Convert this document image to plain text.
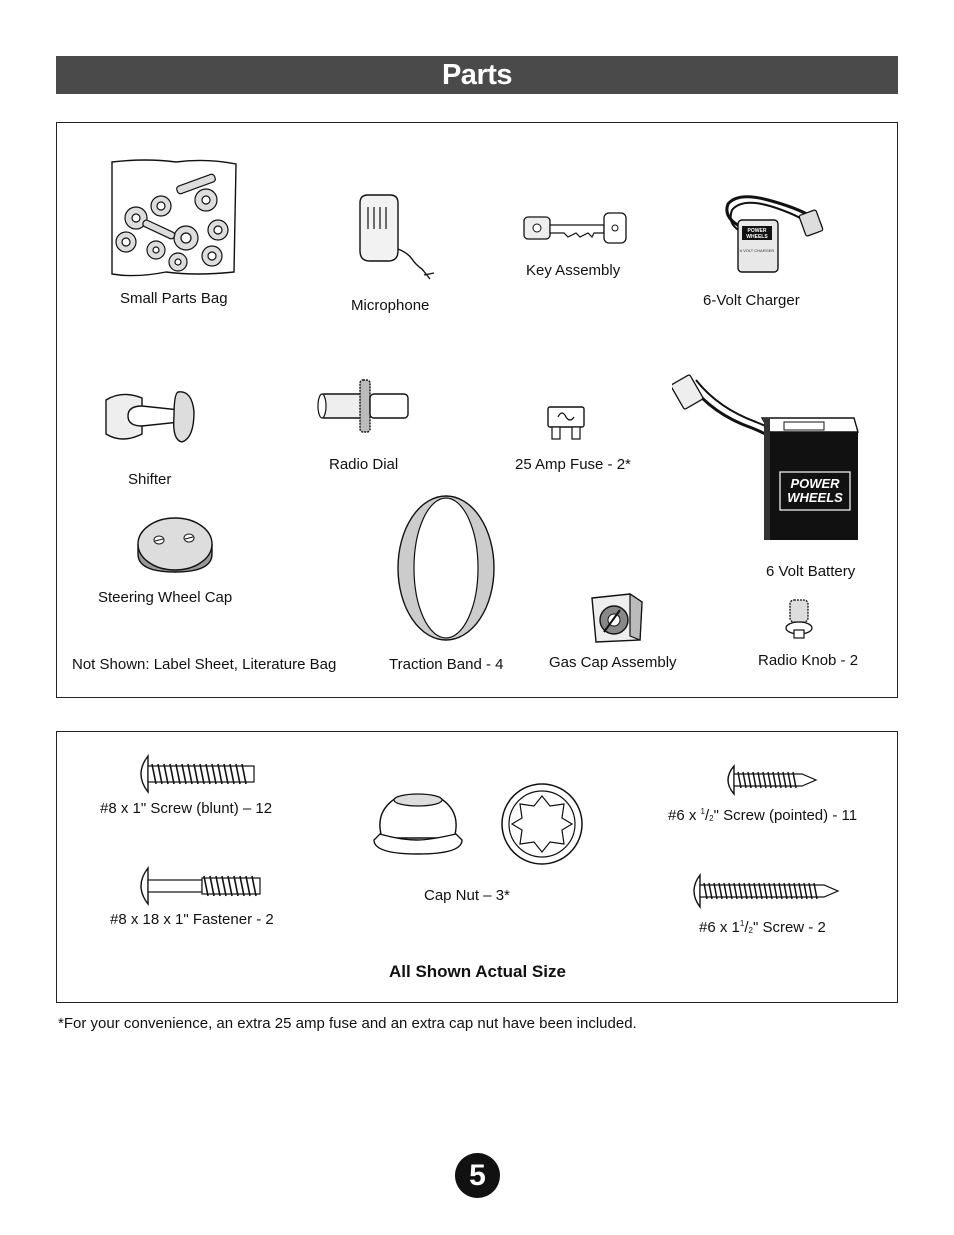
Parts
Small Parts Bag	Microphone
Key Assembly
POWER
WHEELS
6 VOLT CHARGER
6-Volt Charger
Shifter
Radio Dial	25 Amp Fuse - 2*
POWER
WHEELS
6 Volt Battery
Steering Wheel Cap
Traction Band - 4	Gas Cap Assembly	Radio Knob - 2
Not Shown: Label Sheet, Literature Bag
#8 x 1" Screw (blunt) – 12
#8 x 18 x 1" Fastener - 2
Cap Nut – 3*
#6 x $^1/_2$" Screw (pointed) - 11
#6 x $1^1/_2$" Screw - 2
All Shown Actual Size
*For your convenience, an extra 25 amp fuse and an extra cap nut have been included.
5
